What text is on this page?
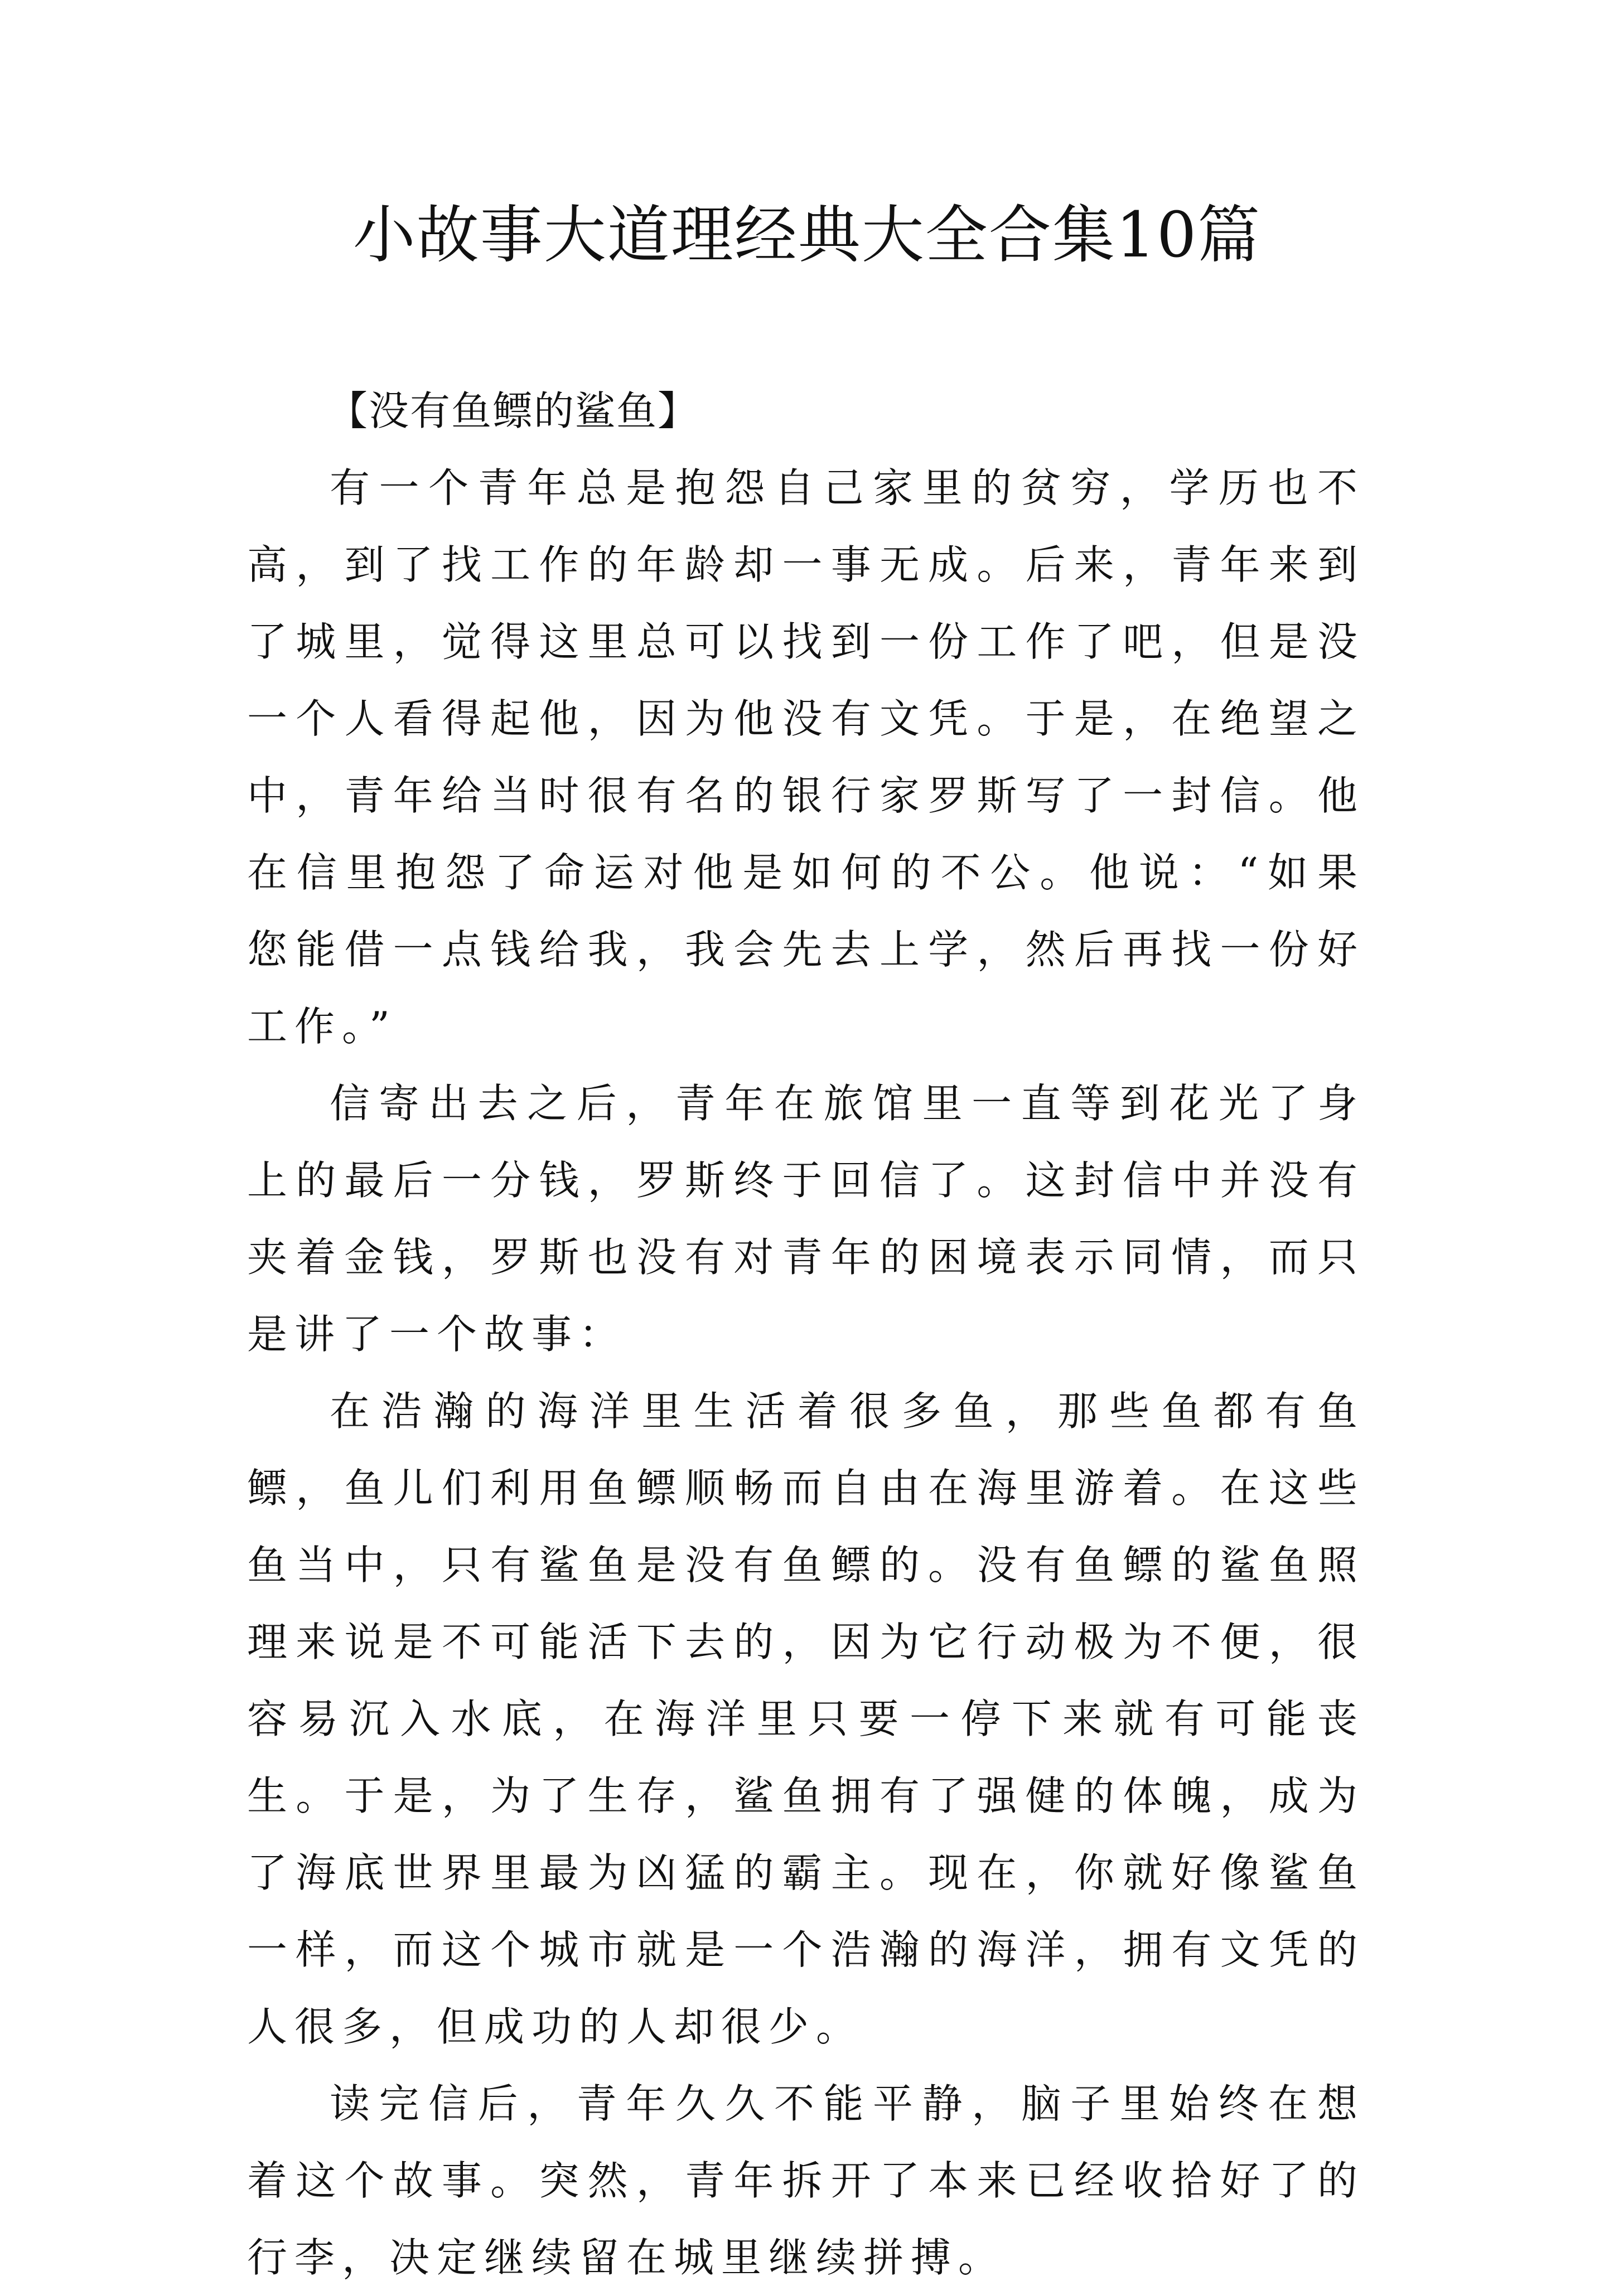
小故事大道理经典大全合集10篇

【没有鱼鳔的鲨鱼】

有一个青年总是抱怨自己家里的贫穷，学历也不高，到了找工作的年龄却一事无成。后来，青年来到了城里，觉得这里总可以找到一份工作了吧，但是没一个人看得起他，因为他没有文凭。于是，在绝望之中，青年给当时很有名的银行家罗斯写了一封信。他在信里抱怨了命运对他是如何的不公。他说：“如果您能借一点钱给我，我会先去上学，然后再找一份好工作。”

信寄出去之后，青年在旅馆里一直等到花光了身上的最后一分钱，罗斯终于回信了。这封信中并没有夹着金钱，罗斯也没有对青年的困境表示同情，而只是讲了一个故事：

在浩瀚的海洋里生活着很多鱼，那些鱼都有鱼鳔，鱼儿们利用鱼鳔顺畅而自由在海里游着。在这些鱼当中，只有鲨鱼是没有鱼鳔的。没有鱼鳔的鲨鱼照理来说是不可能活下去的，因为它行动极为不便，很容易沉入水底，在海洋里只要一停下来就有可能丧生。于是，为了生存，鲨鱼拥有了强健的体魄，成为了海底世界里最为凶猛的霸主。现在，你就好像鲨鱼一样，而这个城市就是一个浩瀚的海洋，拥有文凭的人很多，但成功的人却很少。

读完信后，青年久久不能平静，脑子里始终在想着这个故事。突然，青年拆开了本来已经收拾好了的行李，决定继续留在城里继续拼搏。
